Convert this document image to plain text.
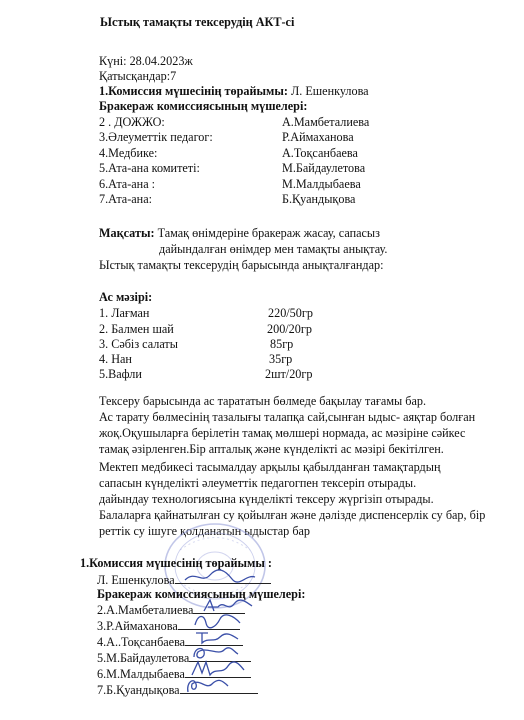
Ыстық тамақты тексерудің АКТ-сі
Күні: 28.04.2023ж
Қатысқандар:7
1.Комиссия мүшесінің төрайымы: Л. Ешенкулова
Бракераж комиссиясының мүшелері:
2 . ДОЖЖО:	А.Мамбеталиева
3.Әлеуметтік педагог:	Р.Аймаханова
4.Медбике:	А.Тоқсанбаева
5.Ата-ана комитеті:	М.Байдаулетова
6.Ата-ана :	М.Малдыбаева
7.Ата-ана:	Б.Қуандықова
Мақсаты: Тамақ өнімдеріне бракераж жасау, сапасыз
дайындалған өнімдер мен тамақты анықтау.
Ыстық тамақты тексерудің барысында анықталғандар:
Ас мәзірі:
1. Лағман	220/50гр
2. Балмен шай	200/20гр
3. Сәбіз салаты	85гр
4. Нан	35гр
5.Вафли	2шт/20гр
Тексеру барысында ас тарататын бөлмеде бақылау тағамы бар.
Ас тарату бөлмесінің тазалығы талапқа сай,сынған ыдыс- аяқтар болған
жоқ.Оқушыларға берілетін тамақ мөлшері нормада, ас мәзіріне сәйкес
тамақ әзірленген.Бір апталық және күнделікті ас мәзірі бекітілген.
Мектеп медбикесі тасымалдау арқылы қабылданған тамақтардың
сапасын күнделікті әлеуметтік педагогпен тексеріп отырады.
дайындау технологиясына күнделікті тексеру жүргізіп отырады.
Балаларға қайнатылған су қойылған және дәлізде диспенсерлік су бар, бір
реттік су ішуге қолданатын ыдыстар бар
1.Комиссия мүшесінің төрайымы :
Л. Ешенкулова
Бракераж комиссиясының мүшелері:
2.А.Мамбеталиева
3.Р.Аймаханова
4.А..Тоқсанбаева
5.М.Байдаулетова
6.М.Малдыбаева
7.Б.Қуандықова
